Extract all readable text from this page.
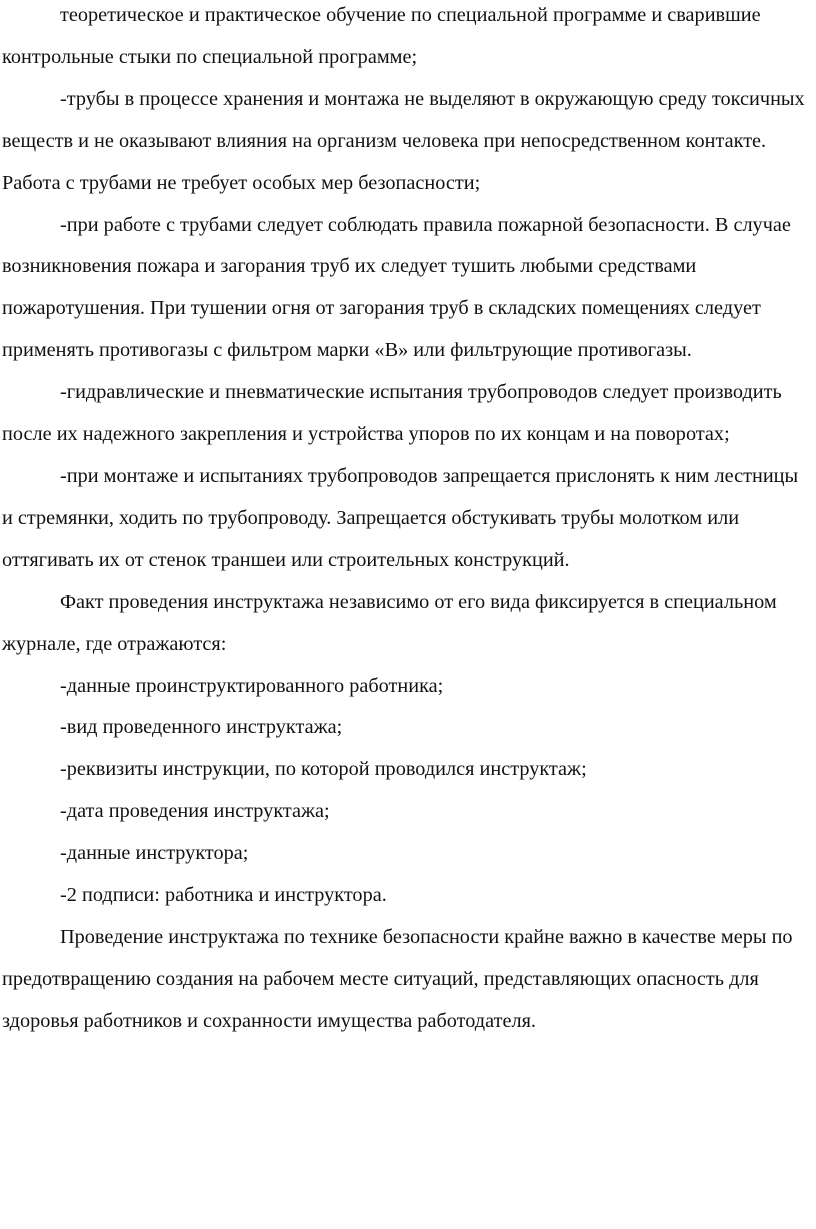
теоретическое и практическое обучение по специальной программе и сварившие контрольные стыки по специальной программе;

-трубы в процессе хранения и монтажа не выделяют в окружающую среду токсичных веществ и не оказывают влияния на организм человека при непосредственном контакте. Работа с трубами не требует особых мер безопасности;

-при работе с трубами следует соблюдать правила пожарной безопасности. В случае возникновения пожара и загорания труб их следует тушить любыми средствами пожаротушения. При тушении огня от загорания труб в складских помещениях следует применять противогазы с фильтром марки «В» или фильтрующие противогазы.

-гидравлические и пневматические испытания трубопроводов следует производить после их надежного закрепления и устройства упоров по их концам и на поворотах;

-при монтаже и испытаниях трубопроводов запрещается прислонять к ним лестницы и стремянки, ходить по трубопроводу. Запрещается обстукивать трубы молотком или оттягивать их от стенок траншеи или строительных конструкций.

Факт проведения инструктажа независимо от его вида фиксируется в специальном журнале, где отражаются:

-данные проинструктированного работника;

-вид проведенного инструктажа;

-реквизиты инструкции, по которой проводился инструктаж;

-дата проведения инструктажа;

-данные инструктора;

-2 подписи: работника и инструктора.

Проведение инструктажа по технике безопасности крайне важно в качестве меры по предотвращению создания на рабочем месте ситуаций, представляющих опасность для здоровья работников и сохранности имущества работодателя.
